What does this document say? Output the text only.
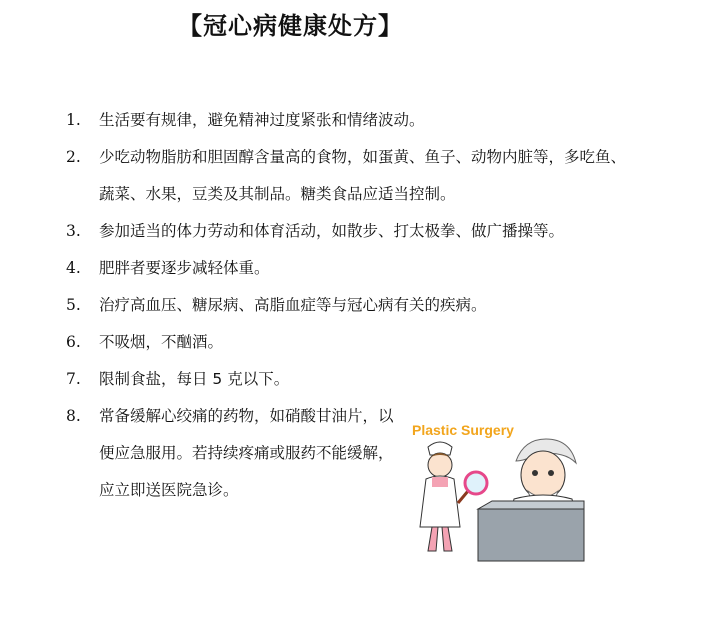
【冠心病健康处方】
1.	生活要有规律，避免精神过度紧张和情绪波动。
2.	少吃动物脂肪和胆固醇含量高的食物，如蛋黄、鱼子、动物内脏等，多吃鱼、蔬菜、水果，豆类及其制品。糖类食品应适当控制。
3.	参加适当的体力劳动和体育活动，如散步、打太极拳、做广播操等。
4.	肥胖者要逐步减轻体重。
5.	治疗高血压、糖尿病、高脂血症等与冠心病有关的疾病。
6.	不吸烟，不酗酒。
7.	限制食盐，每日 5 克以下。
8.	常备缓解心绞痛的药物，如硝酸甘油片，以便应急服用。若持续疼痛或服药不能缓解，应立即送医院急诊。
Plastic Surgery
